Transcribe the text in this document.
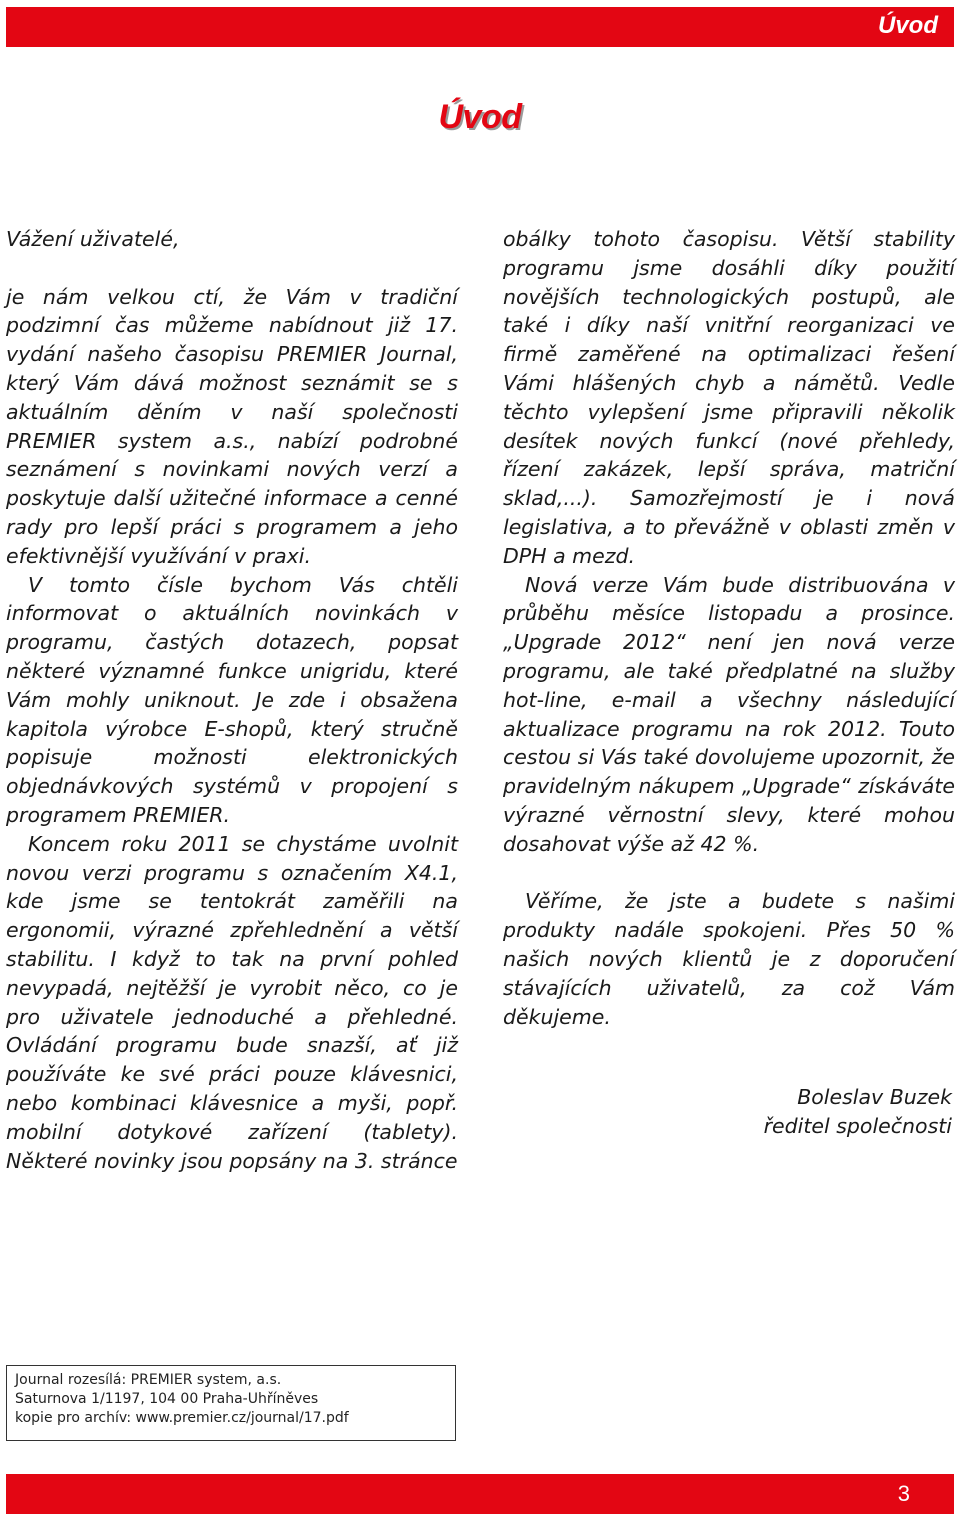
Úvod
Úvod

Vážení uživatelé,

je nám velkou ctí, že Vám v tradiční podzimní čas můžeme nabídnout již 17. vydání našeho časopisu PREMIER Journal, který Vám dává možnost seznámit se s aktuálním děním v naší společnosti PREMIER system a.s., nabízí podrobné seznámení s novinkami nových verzí a poskytuje další užitečné informace a cenné rady pro lepší práci s programem a jeho efektivnější využívání v praxi.

V tomto čísle bychom Vás chtěli informovat o aktuálních novinkách v programu, častých dotazech, popsat některé významné funkce unigridu, které Vám mohly uniknout. Je zde i obsažena kapitola výrobce E-shopů, který stručně popisuje možnosti elektronických objednávkových systémů v propojení s programem PREMIER.

Koncem roku 2011 se chystáme uvolnit novou verzi programu s označením X4.1, kde jsme se tentokrát zaměřili na ergonomii, výrazné zpřehlednění a větší stabilitu. I když to tak na první pohled nevypadá, nejtěžší je vyrobit něco, co je pro uživatele jednoduché a přehledné. Ovládání programu bude snazší, ať již používáte ke své práci pouze klávesnici, nebo kombinaci klávesnice a myši, popř. mobilní dotykové zařízení (tablety). Některé novinky jsou popsány na 3. stránce

obálky tohoto časopisu. Větší stability programu jsme dosáhli díky použití novějších technologických postupů, ale také i díky naší vnitřní reorganizaci ve firmě zaměřené na optimalizaci řešení Vámi hlášených chyb a námětů. Vedle těchto vylepšení jsme připravili několik desítek nových funkcí (nové přehledy, řízení zakázek, lepší správa, matriční sklad,...). Samozřejmostí je i nová legislativa, a to převážně v oblasti změn v DPH a mezd.

Nová verze Vám bude distribuována v průběhu měsíce listopadu a prosince. „Upgrade 2012“ není jen nová verze programu, ale také předplatné na služby hot-line, e-mail a všechny následující aktualizace programu na rok 2012. Touto cestou si Vás také dovolujeme upozornit, že pravidelným nákupem „Upgrade“ získáváte výrazné věrnostní slevy, které mohou dosahovat výše až 42 %.

Věříme, že jste a budete s našimi produkty nadále spokojeni. Přes 50 % našich nových klientů je z doporučení stávajících uživatelů, za což Vám děkujeme.

Boleslav Buzek
ředitel společnosti
Journal rozesílá: PREMIER system, a.s.
Saturnova 1/1197, 104 00 Praha-Uhříněves
kopie pro archív: www.premier.cz/journal/17.pdf
3
